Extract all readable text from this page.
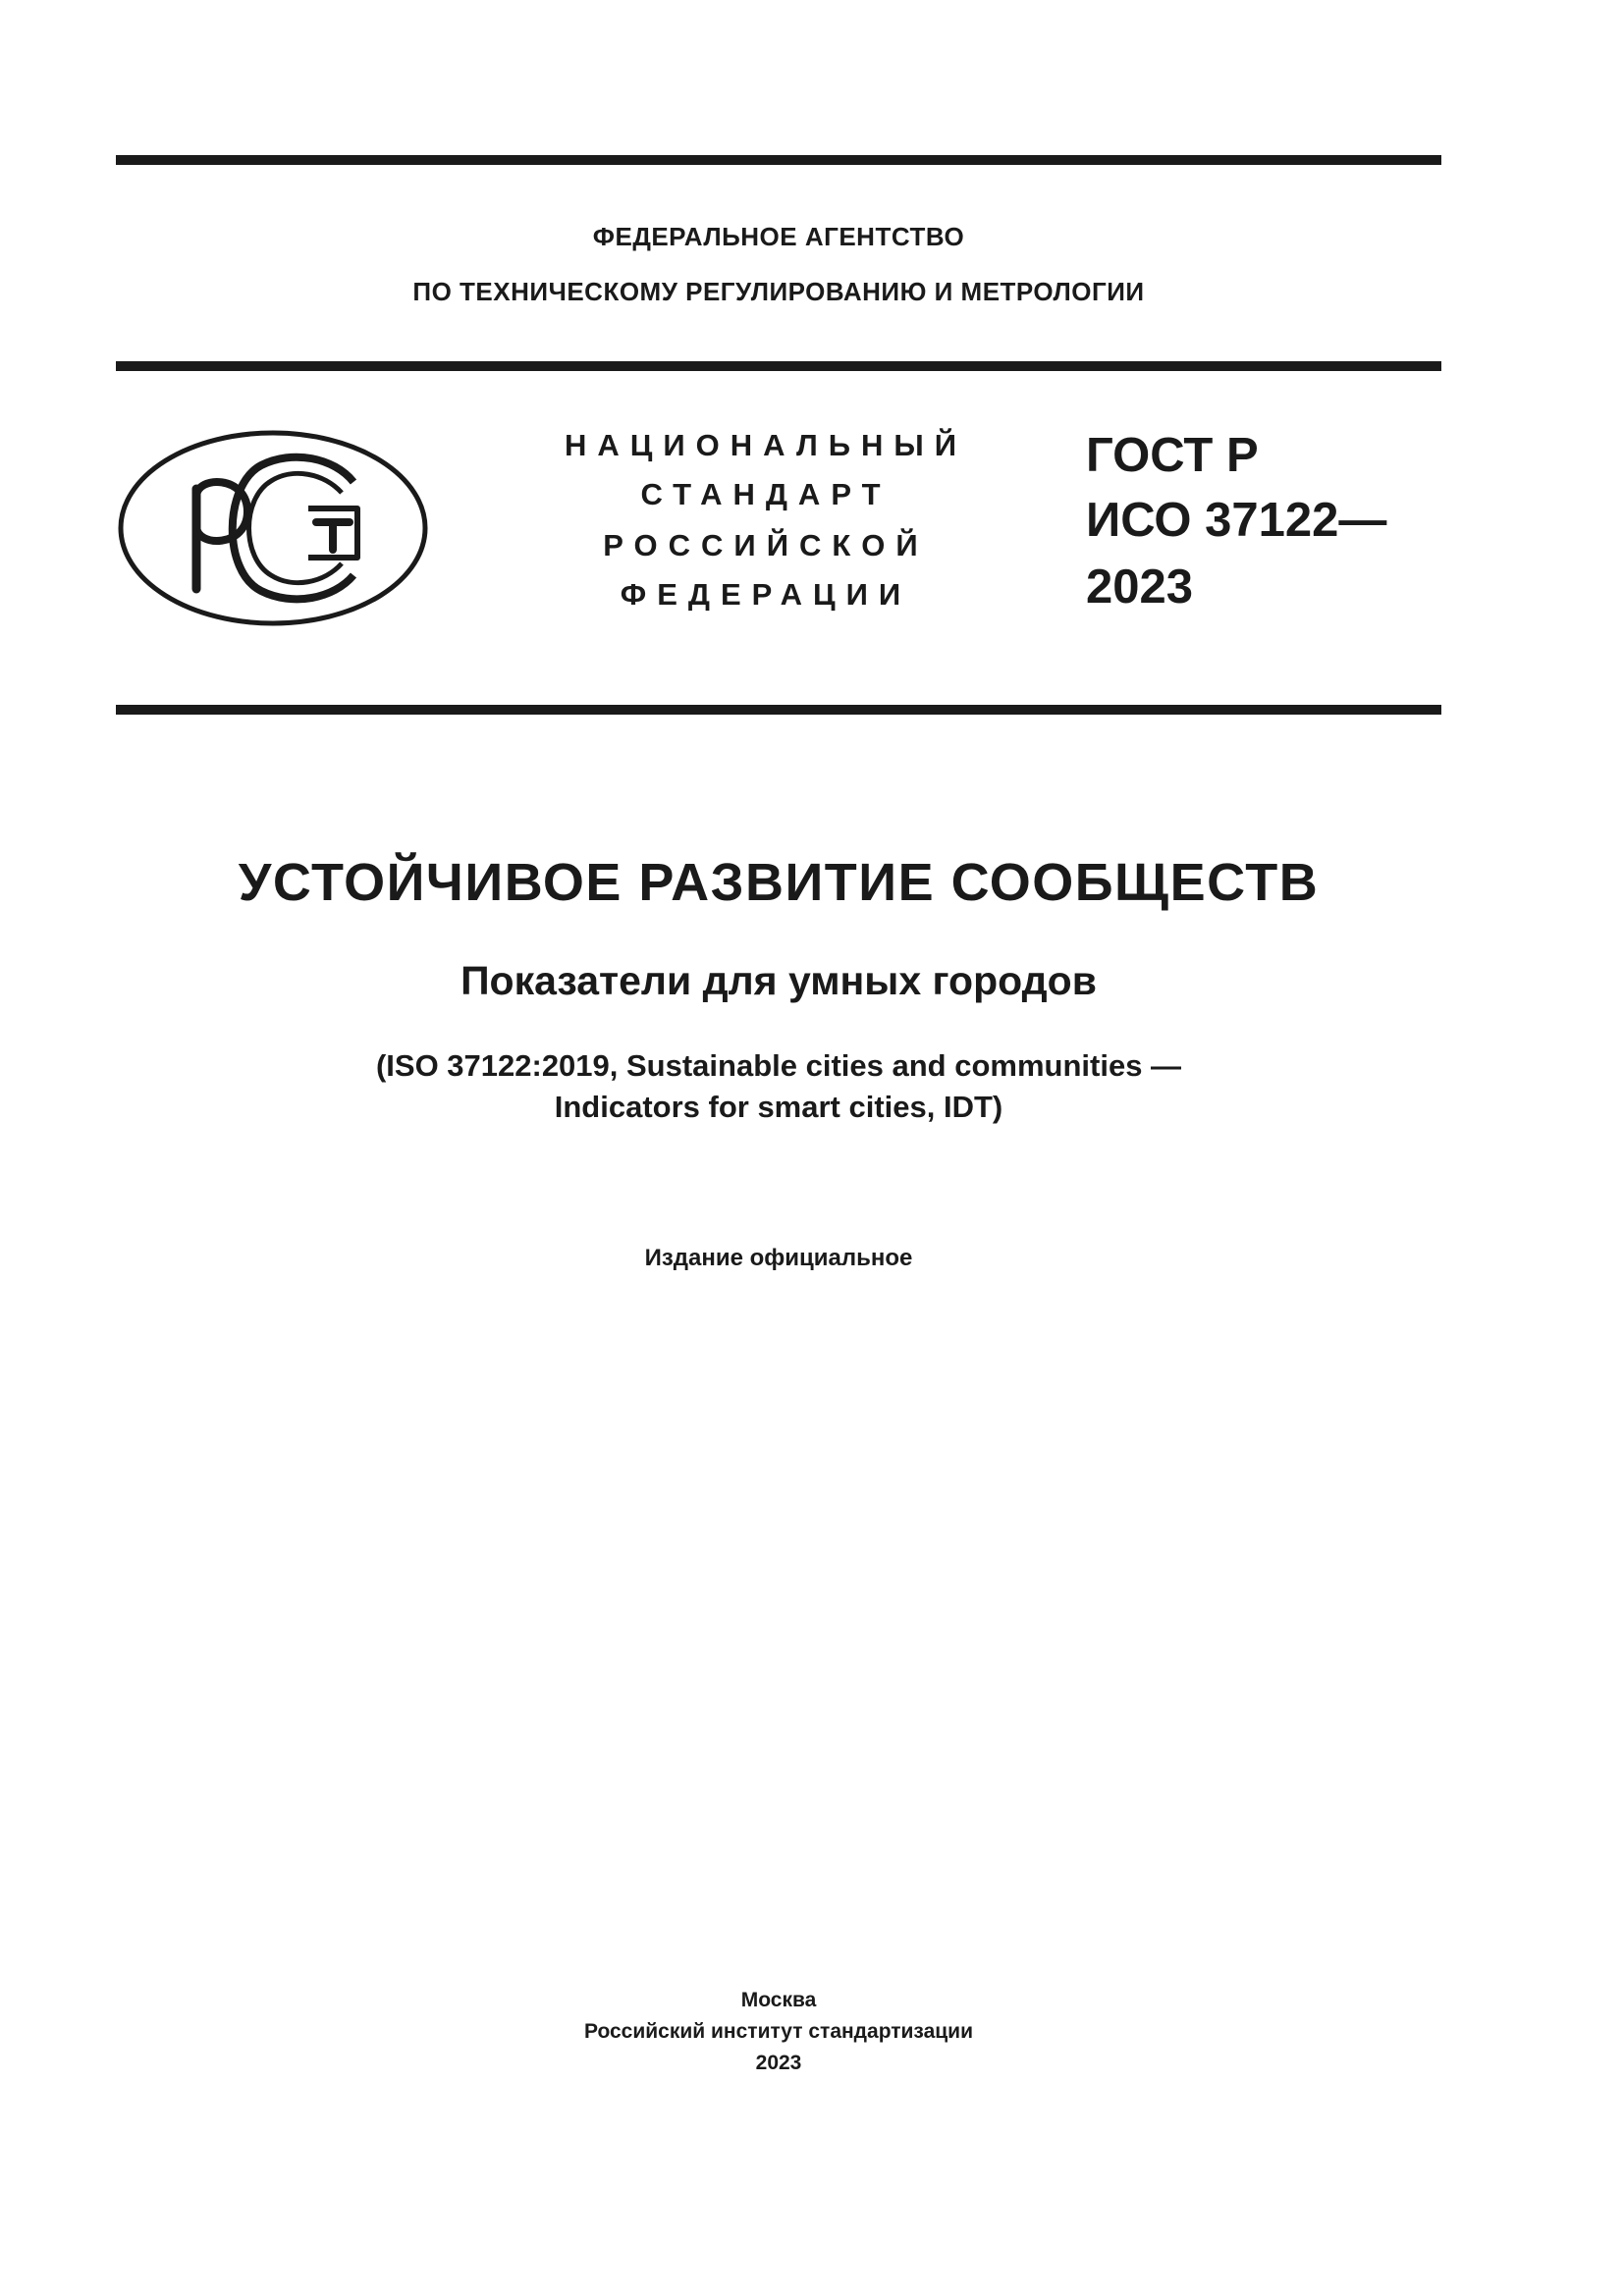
ФЕДЕРАЛЬНОЕ АГЕНТСТВО
ПО ТЕХНИЧЕСКОМУ РЕГУЛИРОВАНИЮ И МЕТРОЛОГИИ
НАЦИОНАЛЬНЫЙ
СТАНДАРТ
РОССИЙСКОЙ
ФЕДЕРАЦИИ
ГОСТ Р
ИСО 37122—
2023
УСТОЙЧИВОЕ РАЗВИТИЕ СООБЩЕСТВ
Показатели для умных городов
(ISO 37122:2019, Sustainable cities and communities —
Indicators for smart cities, IDT)
Издание официальное
Москва
Российский институт стандартизации
2023
